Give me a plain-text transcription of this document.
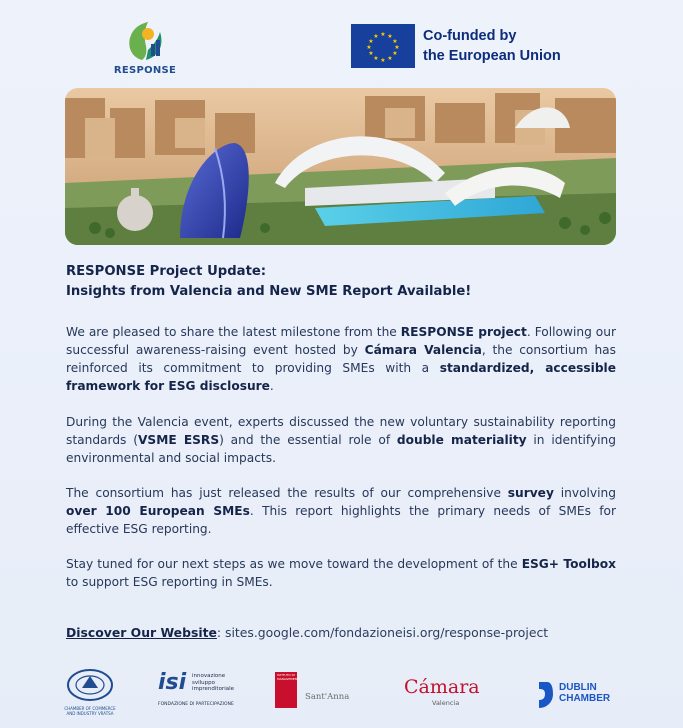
RESPONSE
★ ★
★
★
★
★
★
★
★
★
★
★	Co-funded by
the European Union
RESPONSE Project Update:
Insights from Valencia and New SME Report Available!

We are pleased to share the latest milestone from the RESPONSE project. Following our successful awareness-raising event hosted by Cámara Valencia, the consortium has reinforced its commitment to providing SMEs with a standardized, accessible framework for ESG disclosure.

During the Valencia event, experts discussed the new voluntary sustainability reporting standards (VSME ESRS) and the essential role of double materiality in identifying environmental and social impacts.

The consortium has just released the results of our comprehensive survey involving over 100 European SMEs. This report highlights the primary needs of SMEs for effective ESG reporting.

Stay tuned for our next steps as we move toward the development of the ESG+ Toolbox to support ESG reporting in SMEs.

Discover Our Website: sites.google.com/fondazioneisi.org/response-project
CHAMBER OF COMMERCE AND INDUSTRY VRATSA
isi innovazione
sviluppo
imprenditoriale
FONDAZIONE DI PARTECIPAZIONE
ISTITUTO DI MANAGEMENT
Sant'Anna	Cámara
Valencia
DUBLIN
CHAMBER
